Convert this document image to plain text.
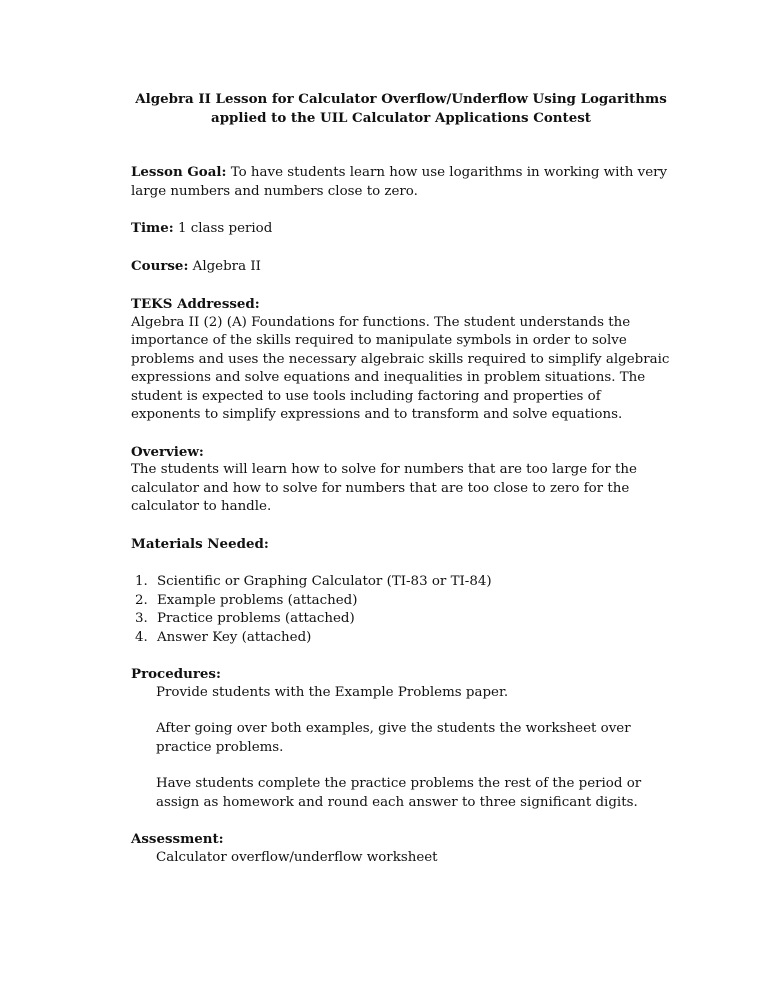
Algebra II Lesson for Calculator Overflow/Underflow Using Logarithms
applied to the UIL Calculator Applications Contest

Lesson Goal: To have students learn how use logarithms in working with very large numbers and numbers close to zero.

Time: 1 class period

Course: Algebra II

TEKS Addressed:

Algebra II (2) (A) Foundations for functions. The student understands the importance of the skills required to manipulate symbols in order to solve problems and uses the necessary algebraic skills required to simplify algebraic expressions and solve equations and inequalities in problem situations. The student is expected to use tools including factoring and properties of exponents to simplify expressions and to transform and solve equations.

Overview:

The students will learn how to solve for numbers that are too large for the calculator and how to solve for numbers that are too close to zero for the calculator to handle.

Materials Needed:
1. Scientific or Graphing Calculator (TI-83 or TI-84)
2. Example problems (attached)
3. Practice problems (attached)
4. Answer Key (attached)
Procedures:

Provide students with the Example Problems paper.

After going over both examples, give the students the worksheet over practice problems.

Have students complete the practice problems the rest of the period or assign as homework and round each answer to three significant digits.

Assessment:

Calculator overflow/underflow worksheet
